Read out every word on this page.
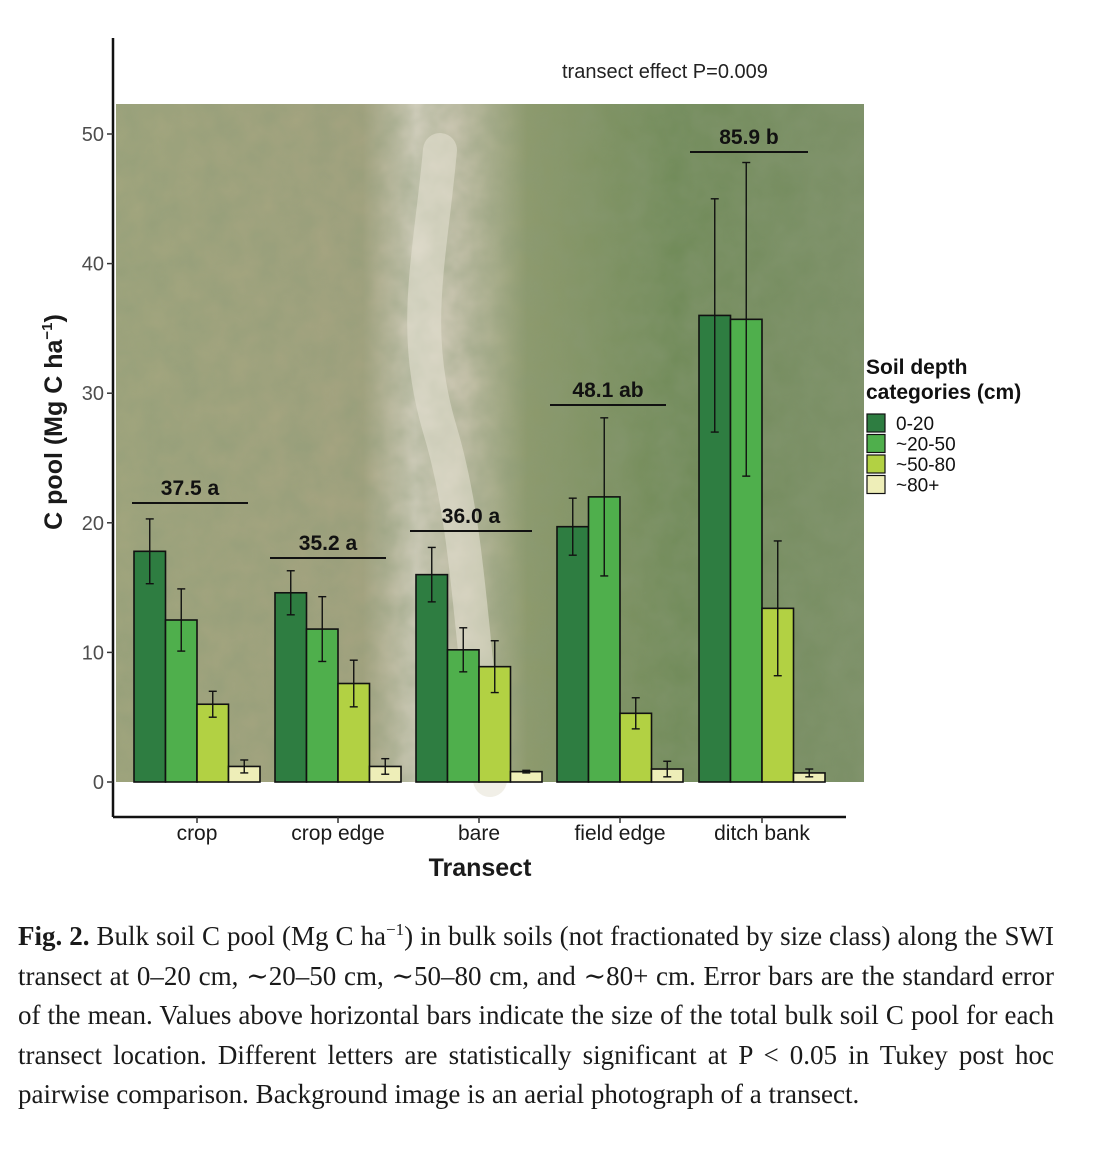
37.5 a
35.2 a
36.0 a
48.1 ab
85.9 b
0
10
20
30
40
50
crop	crop edge	bare	field edge ditch bank
transect effect P=0.009
Transect
C pool (Mg C $ha^{-1}$)
Soil depth
categories (cm)
0-20
~20-50
~50-80
~80+
Fig. 2. Bulk soil C pool (Mg C $ha^{-1}$) in bulk soils (not fractionated by size class) along the SWI transect at 0–20 cm, ∼20–50 cm, ∼50–80 cm, and ∼80+ cm. Error bars are the standard error of the mean. Values above horizontal bars indicate the size of the total bulk soil C pool for each transect location. Different letters are statistically significant at P < 0.05 in Tukey post hoc pairwise comparison. Background image is an aerial photograph of a transect.
